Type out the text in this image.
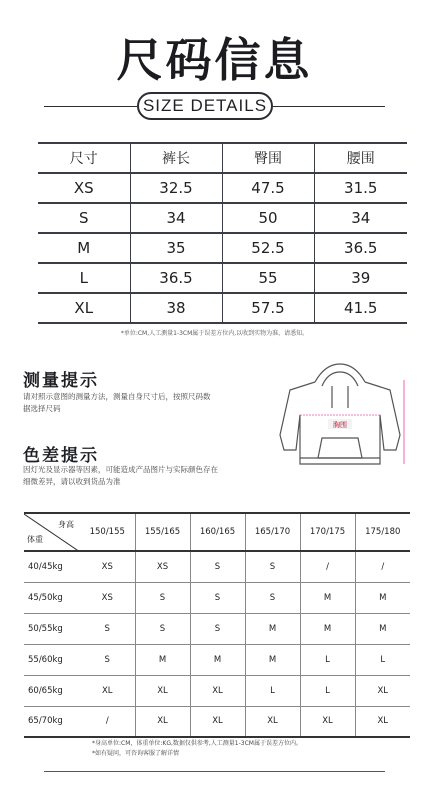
尺码信息
SIZE DETAILS
尺寸	裤长	臀围	腰围
XS	32.5	47.5	31.5
S	34	50	34
M	35	52.5	36.5
L	36.5	55	39
XL	38	57.5	41.5
*单位:CM,人工测量1-3CM属于误差方位内,以收到实物为准，请悉知。
测量提示
请对照示意图的测量方法，测量自身尺寸后，按照尺码数据选择尺码
胸围
色差提示
因灯光及显示器等因素，可能造成产品图片与实际颜色存在细微差异，请以收到货品为准
身高
体重	150/155	155/165	160/165	165/170	170/175	175/180
40/45kg	XS	XS	S	S	/	/
45/50kg	XS	S	S	S	M	M
50/55kg	S	S	S	M	M	M
55/60kg	S	M	M	M	L	L
60/65kg	XL	XL	XL	L	L	XL
65/70kg	/	XL	XL	XL	XL	XL
*身高单位:CM，体重单位:KG,数据仅供参考,人工测量1-3CM属于误差方位内。
*如有疑问，可咨询客服了解详情
